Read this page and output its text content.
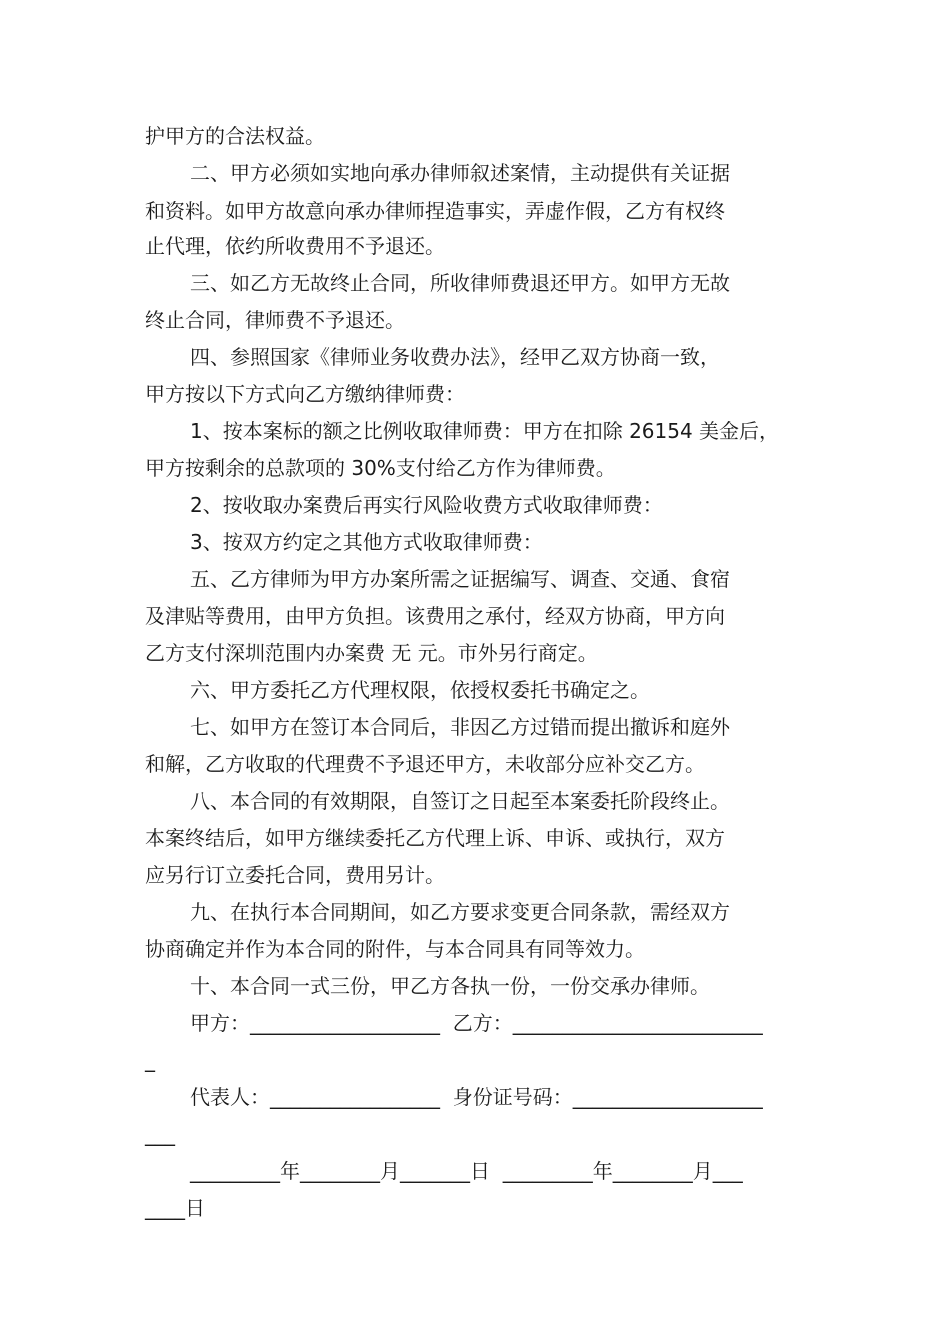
护甲方的合法权益。
二、甲方必须如实地向承办律师叙述案情，主动提供有关证据
和资料。如甲方故意向承办律师捏造事实，弄虚作假，乙方有权终
止代理，依约所收费用不予退还。
三、如乙方无故终止合同，所收律师费退还甲方。如甲方无故
终止合同，律师费不予退还。
四、参照国家《律师业务收费办法》，经甲乙双方协商一致，
甲方按以下方式向乙方缴纳律师费：
1、按本案标的额之比例收取律师费：甲方在扣除 26154 美金后，
甲方按剩余的总款项的 30%支付给乙方作为律师费。
2、按收取办案费后再实行风险收费方式收取律师费：
3、按双方约定之其他方式收取律师费：
五、乙方律师为甲方办案所需之证据编写、调查、交通、食宿
及津贴等费用，由甲方负担。该费用之承付，经双方协商，甲方向
乙方支付深圳范围内办案费 无 元。市外另行商定。
六、甲方委托乙方代理权限，依授权委托书确定之。
七、如甲方在签订本合同后，非因乙方过错而提出撤诉和庭外
和解，乙方收取的代理费不予退还甲方，未收部分应补交乙方。
八、本合同的有效期限，自签订之日起至本案委托阶段终止。
本案终结后，如甲方继续委托乙方代理上诉、申诉、或执行，双方
应另行订立委托合同，费用另计。
九、在执行本合同期间，如乙方要求变更合同条款，需经双方
协商确定并作为本合同的附件，与本合同具有同等效力。
十、本合同一式三份，甲乙方各执一份，一份交承办律师。
甲方：___________________  乙方：_________________________
_
代表人：_________________  身份证号码：___________________
___
_________年________月_______日  _________年________月___
____日
